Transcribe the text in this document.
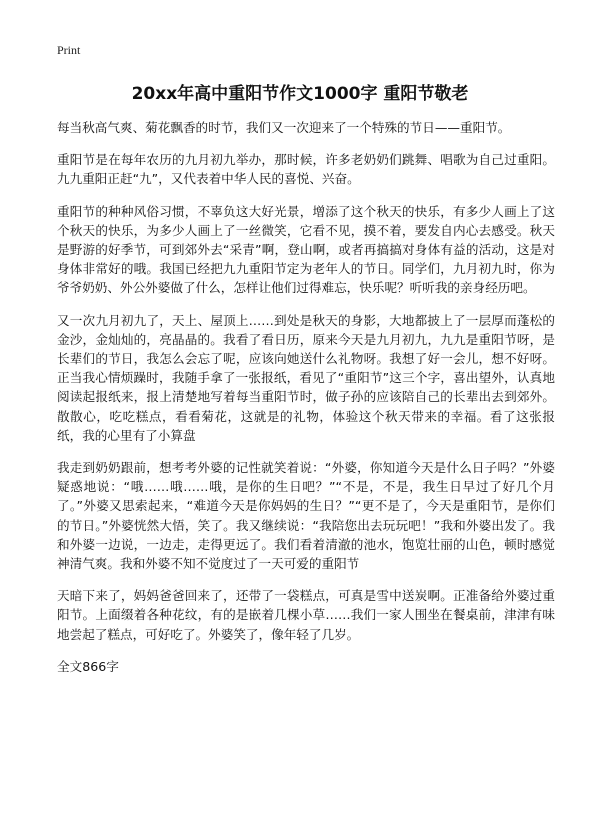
Print
20xx年高中重阳节作文1000字 重阳节敬老

每当秋高气爽、菊花飘香的时节，我们又一次迎来了一个特殊的节日——重阳节。

重阳节是在每年农历的九月初九举办，那时候，许多老奶奶们跳舞、唱歌为自己过重阳。九九重阳正赶“九”，又代表着中华人民的喜悦、兴奋。

重阳节的种种风俗习惯，不辜负这大好光景，增添了这个秋天的快乐，有多少人画上了这个秋天的快乐，为多少人画上了一丝微笑，它看不见，摸不着，要发自内心去感受。秋天是野游的好季节，可到郊外去“采青”啊，登山啊，或者再搞搞对身体有益的活动，这是对身体非常好的哦。我国已经把九九重阳节定为老年人的节日。同学们，九月初九时，你为爷爷奶奶、外公外婆做了什么，怎样让他们过得难忘，快乐呢？听听我的亲身经历吧。

又一次九月初九了，天上、屋顶上……到处是秋天的身影，大地都披上了一层厚而蓬松的金沙，金灿灿的，亮晶晶的。我看了看日历，原来今天是九月初九，九九是重阳节呀，是长辈们的节日，我怎么会忘了呢，应该向她送什么礼物呀。我想了好一会儿，想不好呀。正当我心情烦躁时，我随手拿了一张报纸，看见了“重阳节”这三个字，喜出望外，认真地阅读起报纸来，报上清楚地写着每当重阳节时，做子孙的应该陪自己的长辈出去到郊外。散散心，吃吃糕点，看看菊花，这就是的礼物，体验这个秋天带来的幸福。看了这张报纸，我的心里有了小算盘

我走到奶奶跟前，想考考外婆的记性就笑着说：“外婆，你知道今天是什么日子吗？”外婆疑惑地说：“哦……哦……哦，是你的生日吧？”“不是，不是，我生日早过了好几个月了。”外婆又思索起来，“难道今天是你妈妈的生日？”“更不是了，今天是重阳节，是你们的节日。”外婆恍然大悟，笑了。我又继续说：“我陪您出去玩玩吧！”我和外婆出发了。我和外婆一边说，一边走，走得更远了。我们看着清澈的池水，饱览壮丽的山色，顿时感觉神清气爽。我和外婆不知不觉度过了一天可爱的重阳节

天暗下来了，妈妈爸爸回来了，还带了一袋糕点，可真是雪中送炭啊。正准备给外婆过重阳节。上面缀着各种花纹，有的是嵌着几棵小草……我们一家人围坐在餐桌前，津津有味地尝起了糕点，可好吃了。外婆笑了，像年轻了几岁。

全文866字
